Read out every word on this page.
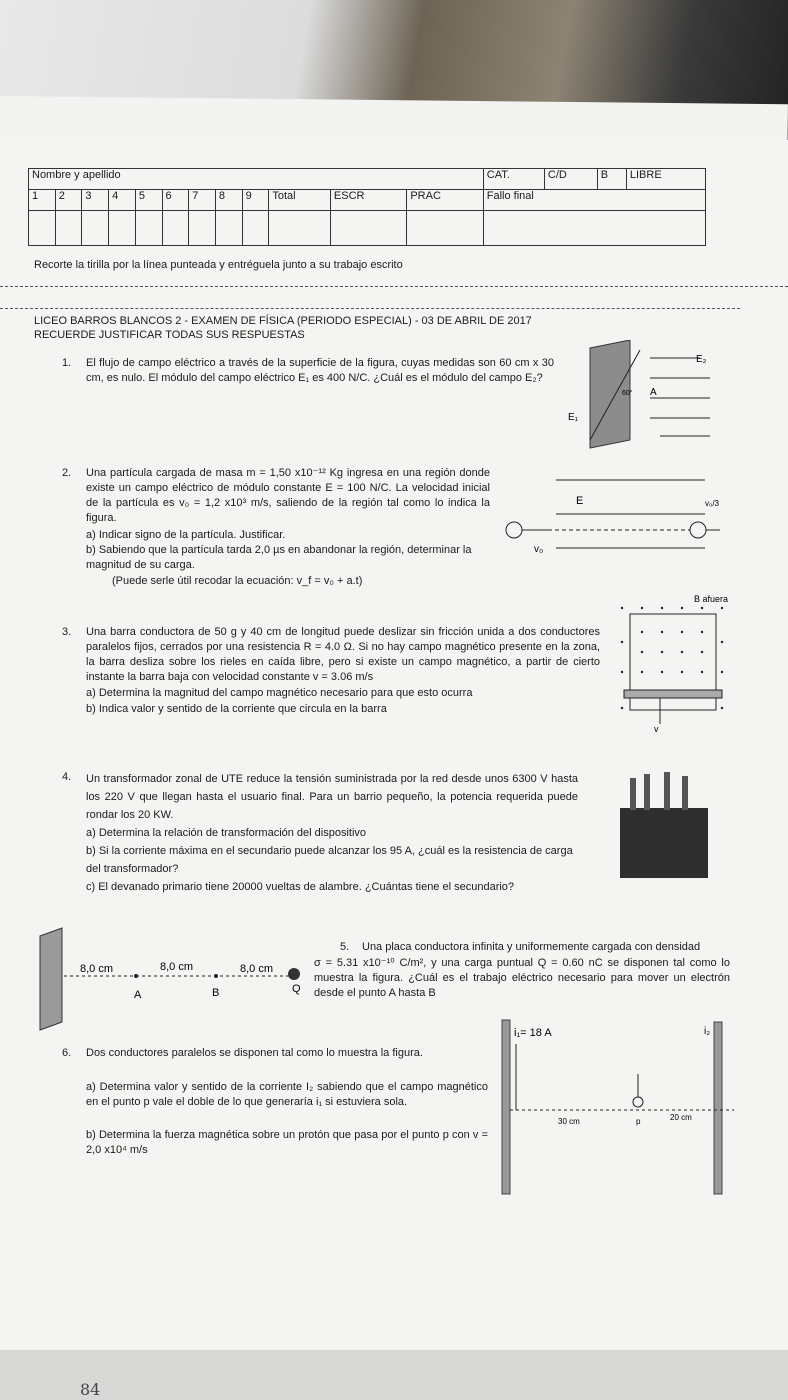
Nombre y apellido												CAT.	C/D	B	LIBRE
1	2	3	4	5	6	7	8	9	Total	ESCR	PRAC	Fallo final			

Recorte la tirilla por la línea punteada y entréguela junto a su trabajo escrito
LICEO BARROS BLANCOS 2 - EXAMEN DE FÍSICA (PERIODO ESPECIAL) - 03 DE ABRIL DE 2017
RECUERDE JUSTIFICAR TODAS SUS RESPUESTAS
1. El flujo de campo eléctrico a través de la superficie de la figura, cuyas medidas son 60 cm x 30 cm, es nulo. El módulo del campo eléctrico E₁ es 400 N/C. ¿Cuál es el módulo del campo E₂?
E₂
A
60°
E₁
2. Una partícula cargada de masa m = 1,50 x10⁻¹² Kg ingresa en una región donde existe un campo eléctrico de módulo constante E = 100 N/C. La velocidad inicial de la partícula es v₀ = 1,2 x10³ m/s, saliendo de la región tal como lo indica la figura.
a) Indicar signo de la partícula. Justificar.
b) Sabiendo que la partícula tarda 2,0 µs en abandonar la región, determinar la magnitud de su carga.
(Puede serle útil recodar la ecuación: v_f = v₀ + a.t)
E
v₀
v₀/3
3. Una barra conductora de 50 g y 40 cm de longitud puede deslizar sin fricción unida a dos conductores paralelos fijos, cerrados por una resistencia R = 4.0 Ω. Si no hay campo magnético presente en la zona, la barra desliza sobre los rieles en caída libre, pero si existe un campo magnético, a partir de cierto instante la barra baja con velocidad constante v = 3.06 m/s
a) Determina la magnitud del campo magnético necesario para que esto ocurra
b) Indica valor y sentido de la corriente que circula en la barra
B afuera
v
4. Un transformador zonal de UTE reduce la tensión suministrada por la red desde unos 6300 V hasta los 220 V que llegan hasta el usuario final. Para un barrio pequeño, la potencia requerida puede rondar los 20 KW.
a) Determina la relación de transformación del dispositivo
b) Si la corriente máxima en el secundario puede alcanzar los 95 A, ¿cuál es la resistencia de carga del transformador?
c) El devanado primario tiene 20000 vueltas de alambre. ¿Cuántas tiene el secundario?
8,0 cm	8,0 cm	8,0 cm
A	B	Q
5. Una placa conductora infinita y uniformemente cargada con densidad
σ = 5.31 x10⁻¹⁰ C/m², y una carga puntual Q = 0.60 nC se disponen tal como lo muestra la figura. ¿Cuál es el trabajo eléctrico necesario para mover un electrón desde el punto A hasta B
6. Dos conductores paralelos se disponen tal como lo muestra la figura.
a) Determina valor y sentido de la corriente I₂ sabiendo que el campo magnético en el punto p vale el doble de lo que generaría i₁ si estuviera sola.
b) Determina la fuerza magnética sobre un protón que pasa por el punto p con v = 2,0 x10⁴ m/s
i₁= 18 A	i₂
30 cm	p	20 cm
84
